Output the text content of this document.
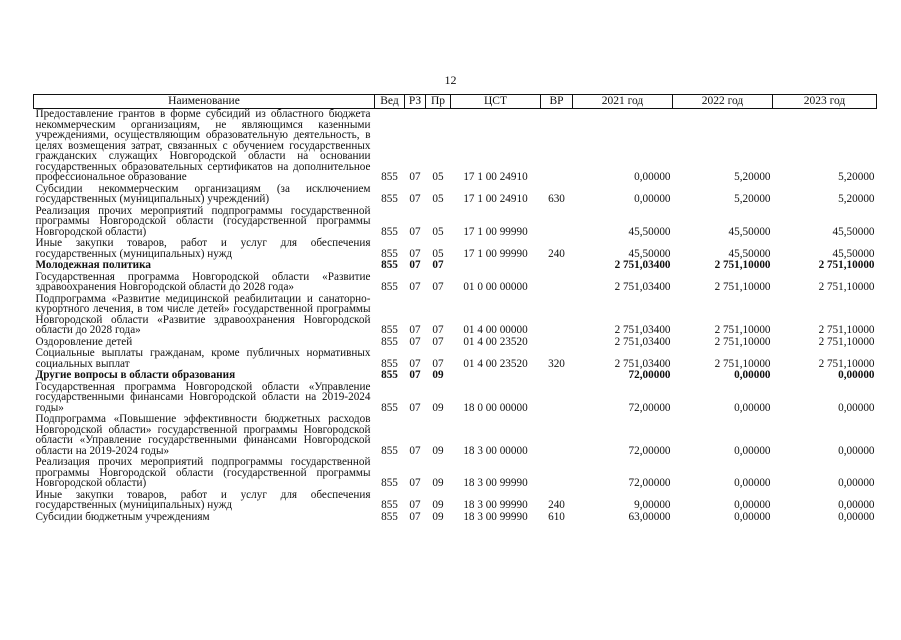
12
Наименование	Вед	РЗ	Пр	ЦСТ	ВР	2021 год	2022 год	2023 год
Предоставление грантов в форме субсидий из областного бюджета некоммерческим организациям, не являющимся казенными учреждениями, осуществляющим образовательную деятельность, в целях возмещения затрат, связанных с обучением государственных гражданских служащих Новгородской области на основании государственных образовательных сертификатов на дополнительное профессиональное образование	855	07	05	17 1 00 24910		0,00000	5,20000	5,20000
Субсидии некоммерческим организациям (за исключением государственных (муниципальных) учреждений)	855	07	05	17 1 00 24910	630	0,00000	5,20000	5,20000
Реализация прочих мероприятий подпрограммы государственной программы Новгородской области (государственной программы Новгородской области)	855	07	05	17 1 00 99990		45,50000	45,50000	45,50000
Иные закупки товаров, работ и услуг для обеспечения государственных (муниципальных) нужд	855	07	05	17 1 00 99990	240	45,50000	45,50000	45,50000
Молодежная политика	855	07	07			2 751,03400	2 751,10000	2 751,10000
Государственная программа Новгородской области «Развитие здравоохранения Новгородской области до 2028 года»	855	07	07	01 0 00 00000		2 751,03400	2 751,10000	2 751,10000
Подпрограмма «Развитие медицинской реабилитации и санаторно-курортного лечения, в том числе детей» государственной программы Новгородской области «Развитие здравоохранения Новгородской области до 2028 года»	855	07	07	01 4 00 00000		2 751,03400	2 751,10000	2 751,10000
Оздоровление детей	855	07	07	01 4 00 23520		2 751,03400	2 751,10000	2 751,10000
Социальные выплаты гражданам, кроме публичных нормативных социальных выплат	855	07	07	01 4 00 23520	320	2 751,03400	2 751,10000	2 751,10000
Другие вопросы в области образования	855	07	09			72,00000	0,00000	0,00000
Государственная программа Новгородской области «Управление государственными финансами Новгородской области на 2019-2024 годы»	855	07	09	18 0 00 00000		72,00000	0,00000	0,00000
Подпрограмма «Повышение эффективности бюджетных расходов Новгородской области» государственной программы Новгородской области «Управление государственными финансами Новгородской области на 2019-2024 годы»	855	07	09	18 3 00 00000		72,00000	0,00000	0,00000
Реализация прочих мероприятий подпрограммы государственной программы Новгородской области (государственной программы Новгородской области)	855	07	09	18 3 00 99990		72,00000	0,00000	0,00000
Иные закупки товаров, работ и услуг для обеспечения государственных (муниципальных) нужд	855	07	09	18 3 00 99990	240	9,00000	0,00000	0,00000
Субсидии бюджетным учреждениям	855	07	09	18 3 00 99990	610	63,00000	0,00000	0,00000
